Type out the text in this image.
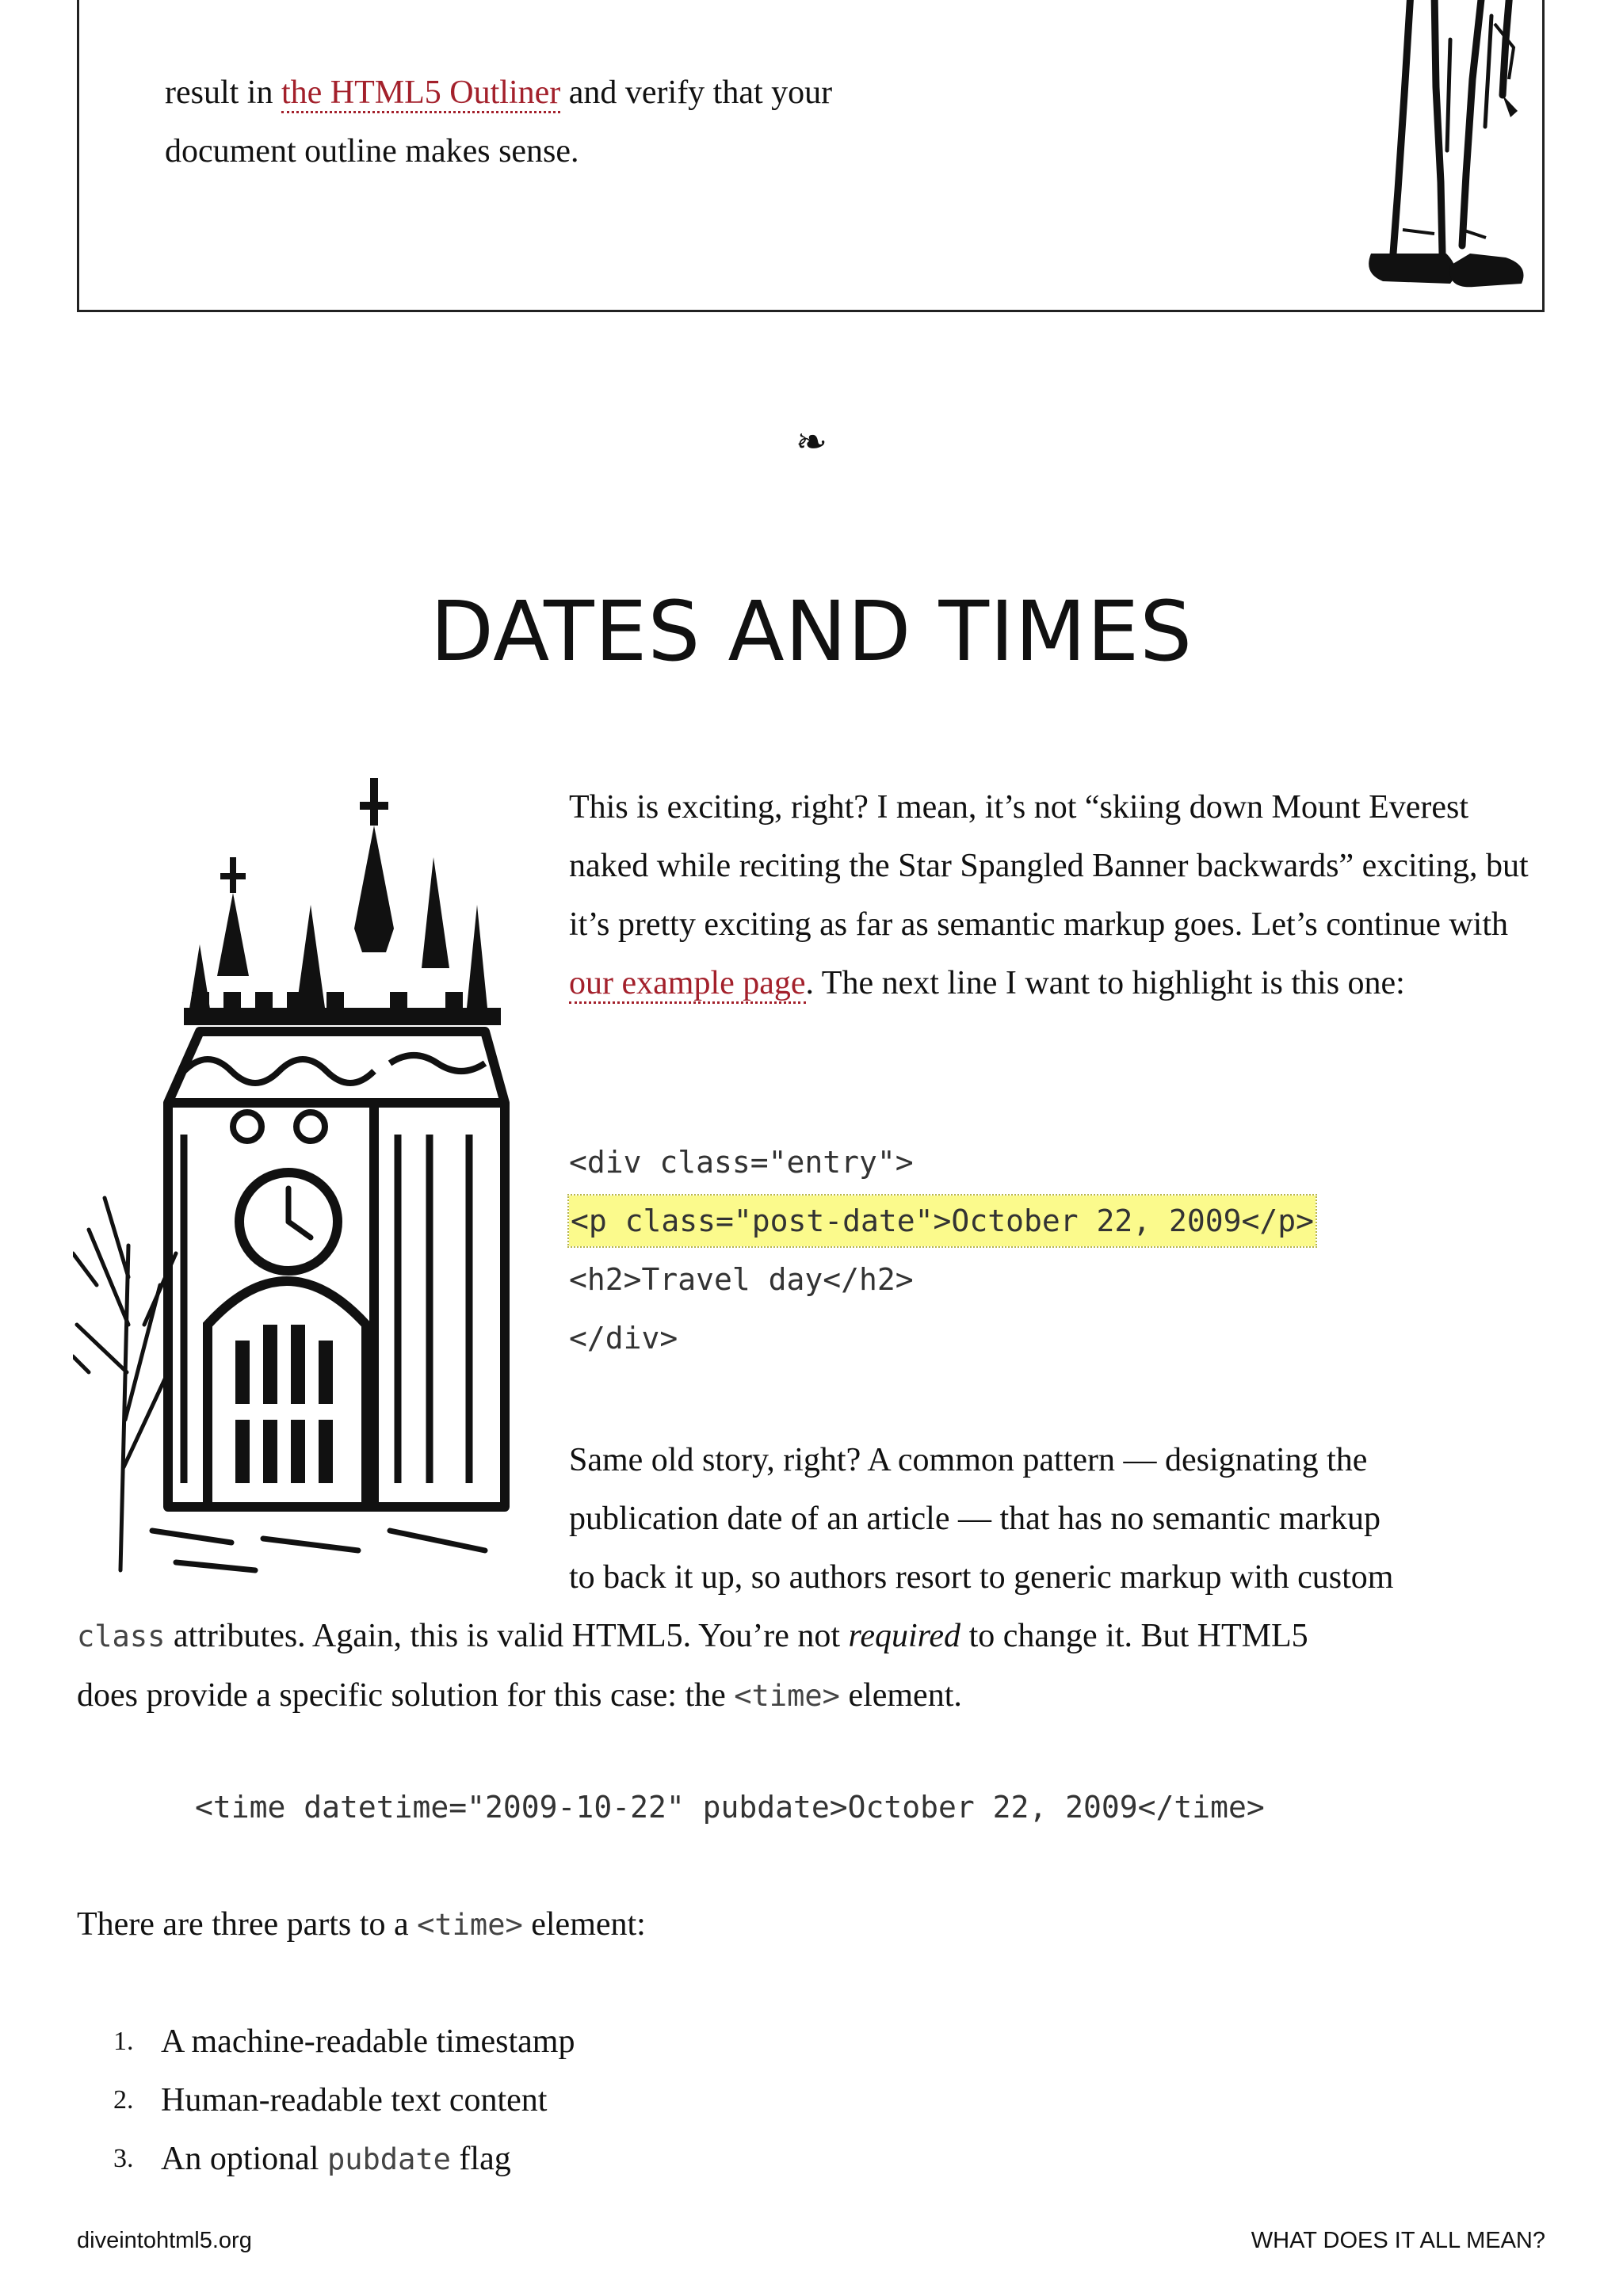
result in the HTML5 Outliner and verify that your
document outline makes sense.
❧
DATES AND TIMES

This is exciting, right? I mean, it’s not “skiing down Mount Everest naked while reciting the Star Spangled Banner backwards” exciting, but it’s pretty exciting as far as semantic markup goes. Let’s continue with our example page. The next line I want to highlight is this one:

<div class="entry">
<p class="post-date">October 22, 2009</p>
<h2>Travel day</h2>
</div>

Same old story, right? A common pattern — designating the
publication date of an article — that has no semantic markup
to back it up, so authors resort to generic markup with custom
class attributes. Again, this is valid HTML5. You’re not required to change it. But HTML5
does provide a specific solution for this case: the <time> element.

<time datetime="2009-10-22" pubdate>October 22, 2009</time>

There are three parts to a <time> element:

1. A machine-readable timestamp
2. Human-readable text content
3. An optional pubdate flag
diveintohtml5.org	WHAT DOES IT ALL MEAN?
